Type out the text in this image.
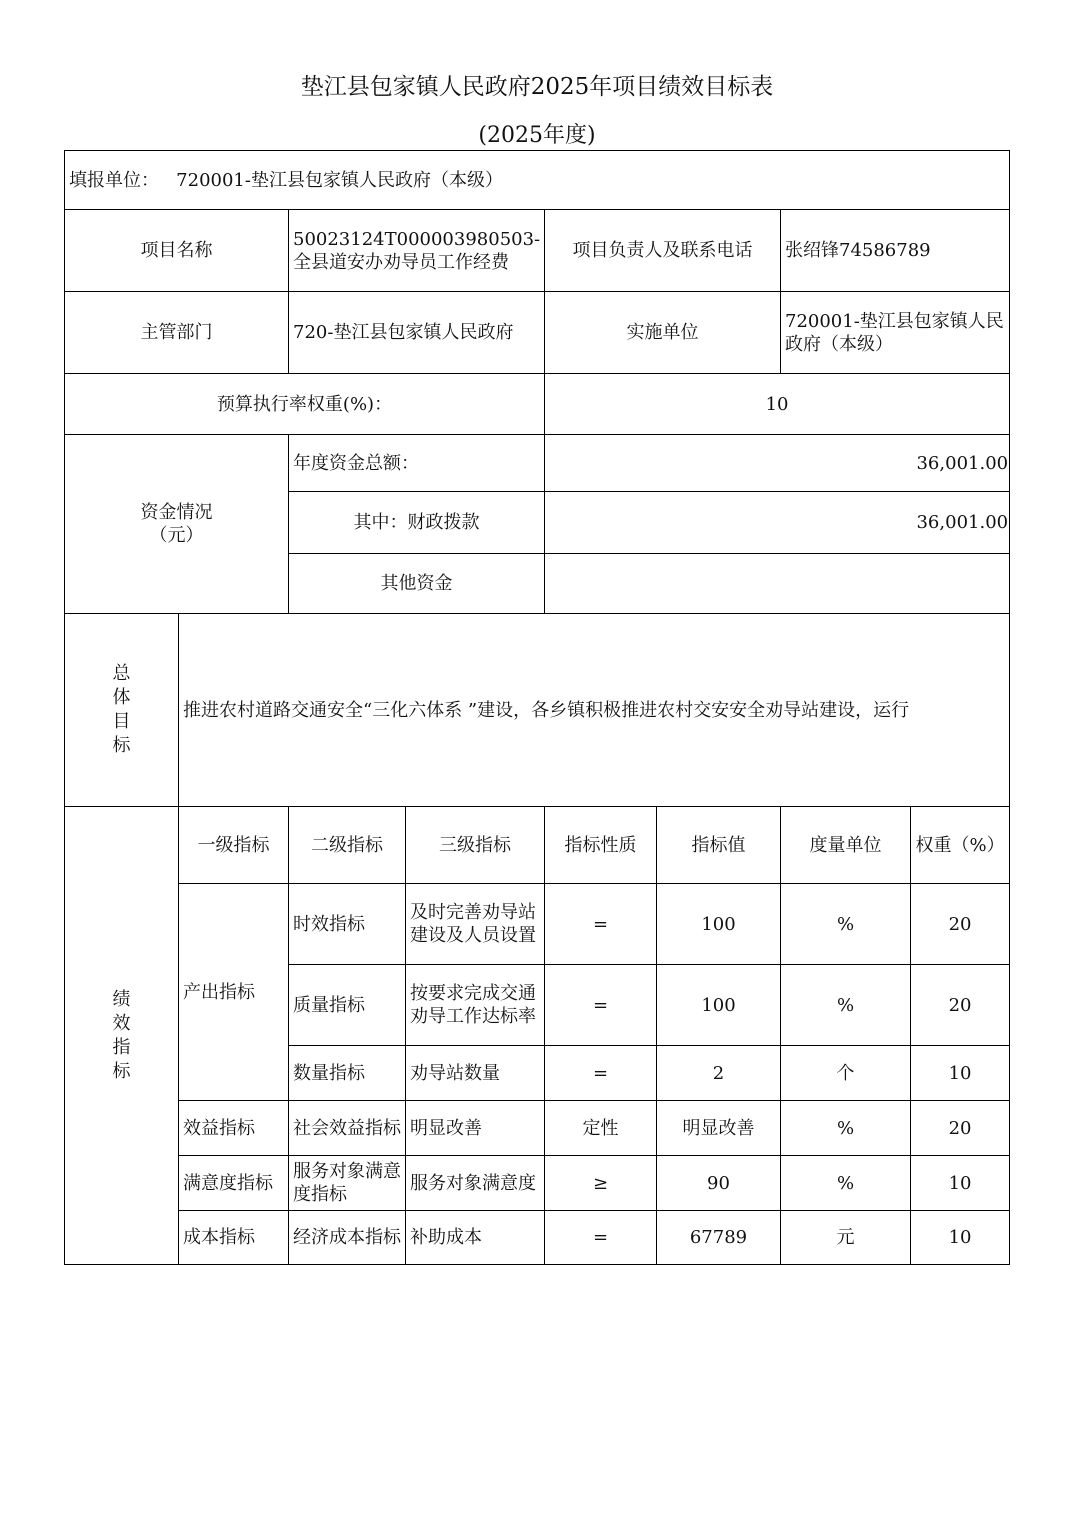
垫江县包家镇人民政府2025年项目绩效目标表
(2025年度)
填报单位： 720001-垫江县包家镇人民政府（本级）							
项目名称		50023124T000003980503-全县道安办劝导员工作经费		项目负责人及联系电话		张绍锋74586789	
主管部门		720-垫江县包家镇人民政府		实施单位		720001-垫江县包家镇人民政府（本级）	
预算执行率权重(%)：				10			

资金情况（元）		年度资金总额：		36,001.00			
		其中：财政拨款		36,001.00			
		其他资金					

总体目标	推进农村道路交通安全“三化六体系 ”建设，各乡镇积极推进农村交安安全劝导站建设，运行						

绩效指标	一级指标	二级指标	三级指标	指标性质	指标值	度量单位	权重（%）
	产出指标	时效指标	及时完善劝导站建设及人员设置	=	100	%	20
		质量指标	按要求完成交通劝导工作达标率	=	100	%	20
		数量指标	劝导站数量	=	2	个	10
	效益指标	社会效益指标	明显改善	定性	明显改善	%	20
	满意度指标	服务对象满意度指标	服务对象满意度	≥	90	%	10
	成本指标	经济成本指标	补助成本	=	67789	元	10
